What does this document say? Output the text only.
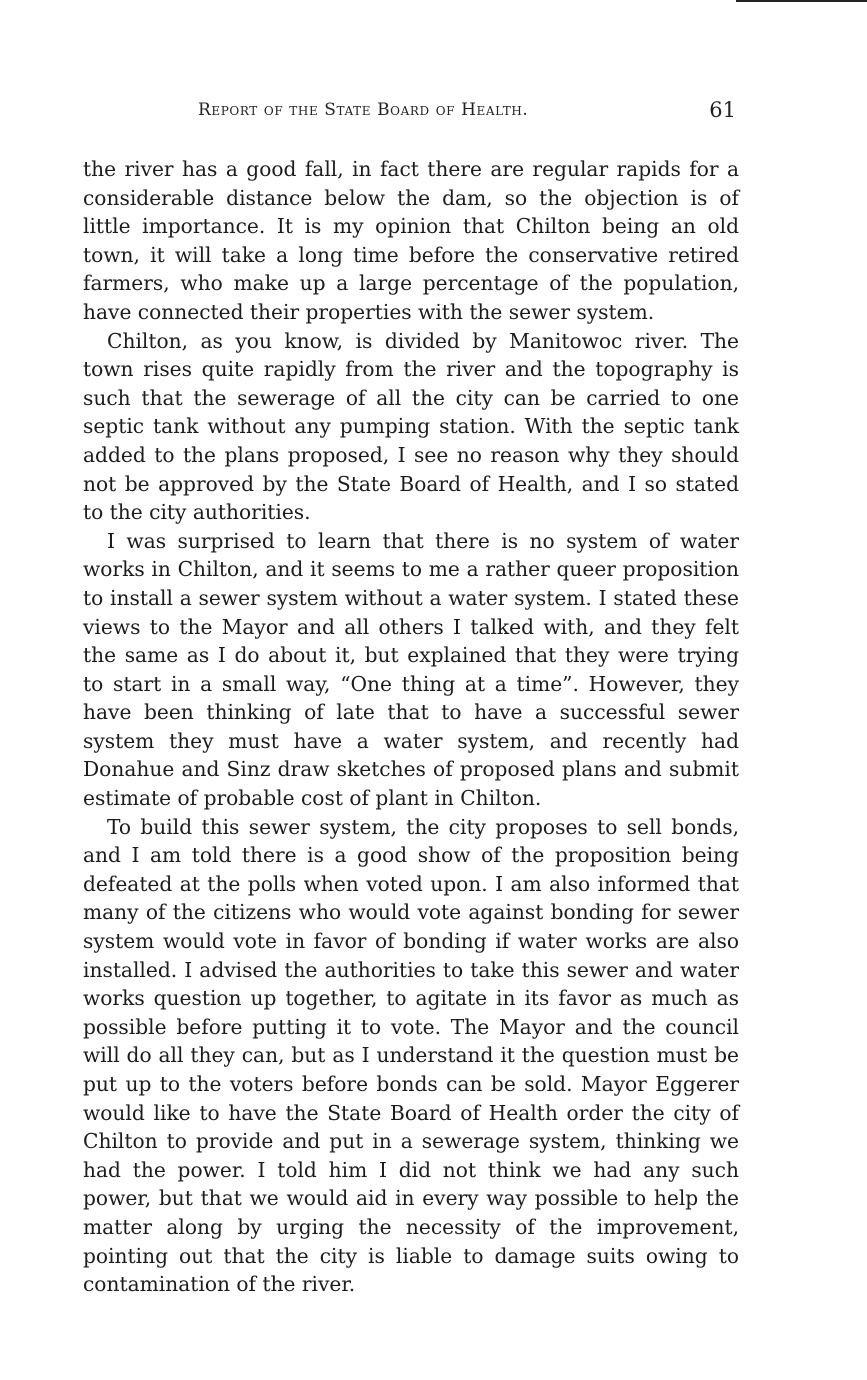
Report of the State Board of Health.	61

the river has a good fall, in fact there are regular rapids for a considerable distance below the dam, so the objection is of little importance. It is my opinion that Chilton being an old town, it will take a long time before the conservative retired farmers, who make up a large percentage of the population, have connected their properties with the sewer system.

Chilton, as you know, is divided by Manitowoc river. The town rises quite rapidly from the river and the topography is such that the sewerage of all the city can be carried to one septic tank without any pumping station. With the septic tank added to the plans proposed, I see no reason why they should not be approved by the State Board of Health, and I so stated to the city authorities.

I was surprised to learn that there is no system of water works in Chilton, and it seems to me a rather queer proposition to install a sewer system without a water system. I stated these views to the Mayor and all others I talked with, and they felt the same as I do about it, but explained that they were trying to start in a small way, “One thing at a time”. However, they have been thinking of late that to have a successful sewer system they must have a water system, and recently had Donahue and Sinz draw sketches of proposed plans and submit estimate of probable cost of plant in Chilton.

To build this sewer system, the city proposes to sell bonds, and I am told there is a good show of the proposition being defeated at the polls when voted upon. I am also informed that many of the citizens who would vote against bonding for sewer system would vote in favor of bonding if water works are also installed. I advised the authorities to take this sewer and water works question up together, to agitate in its favor as much as possible before putting it to vote. The Mayor and the council will do all they can, but as I understand it the question must be put up to the voters before bonds can be sold. Mayor Eggerer would like to have the State Board of Health order the city of Chilton to provide and put in a sewerage system, thinking we had the power. I told him I did not think we had any such power, but that we would aid in every way possible to help the matter along by urging the necessity of the improvement, pointing out that the city is liable to damage suits owing to contamination of the river.
